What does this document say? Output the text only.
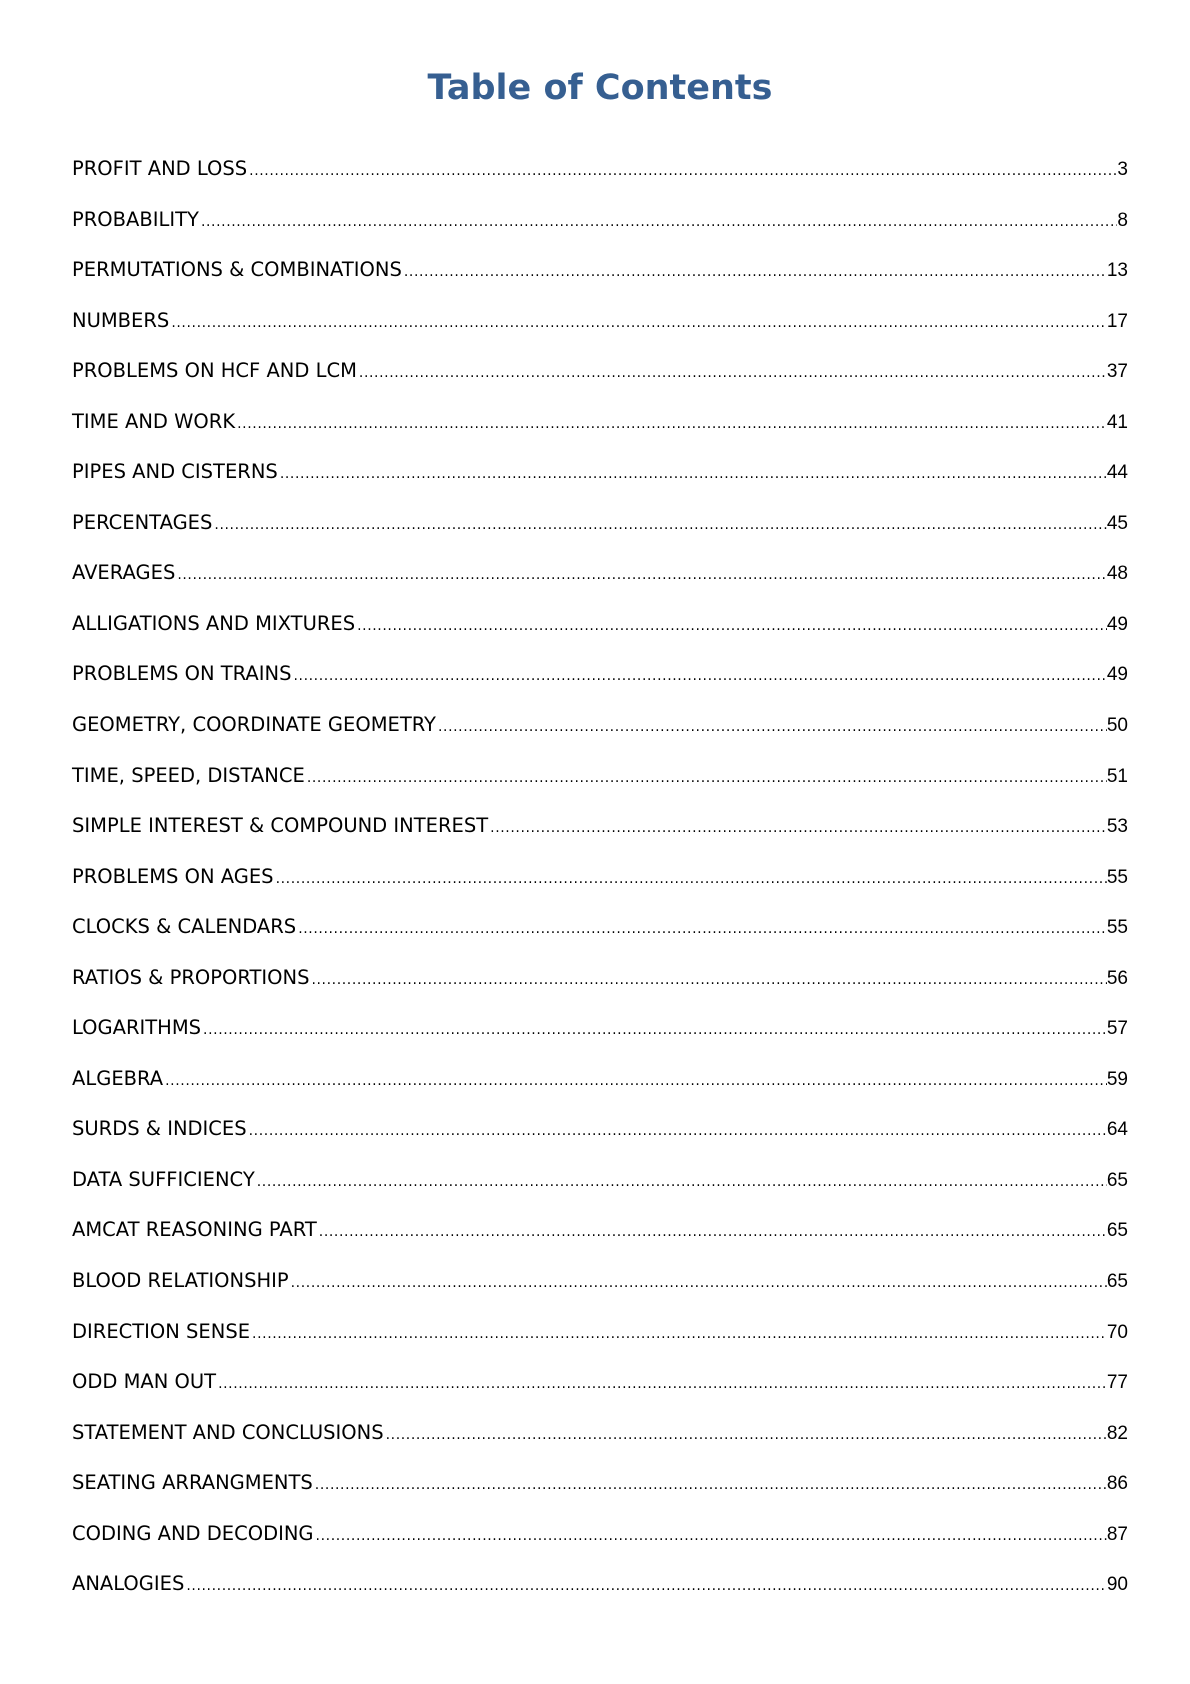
Table of Contents
PROFIT AND LOSS .....	3
PROBABILITY .....	8
PERMUTATIONS & COMBINATIONS .....	13
NUMBERS .....	17
PROBLEMS ON HCF AND LCM .....	37
TIME AND WORK .....	41
PIPES AND CISTERNS .....	44
PERCENTAGES .....	45
AVERAGES .....	48
ALLIGATIONS AND MIXTURES .....	49
PROBLEMS ON TRAINS .....	49
GEOMETRY, COORDINATE GEOMETRY .....	50
TIME, SPEED, DISTANCE .....	51
SIMPLE INTEREST & COMPOUND INTEREST .....	53
PROBLEMS ON AGES .....	55
CLOCKS & CALENDARS .....	55
RATIOS & PROPORTIONS .....	56
LOGARITHMS .....	57
ALGEBRA .....	59
SURDS & INDICES .....	64
DATA SUFFICIENCY .....	65
AMCAT REASONING PART .....	65
BLOOD RELATIONSHIP .....	65
DIRECTION SENSE .....	70
ODD MAN OUT .....	77
STATEMENT AND CONCLUSIONS .....	82
SEATING ARRANGMENTS .....	86
CODING AND DECODING .....	87
ANALOGIES .....	90
